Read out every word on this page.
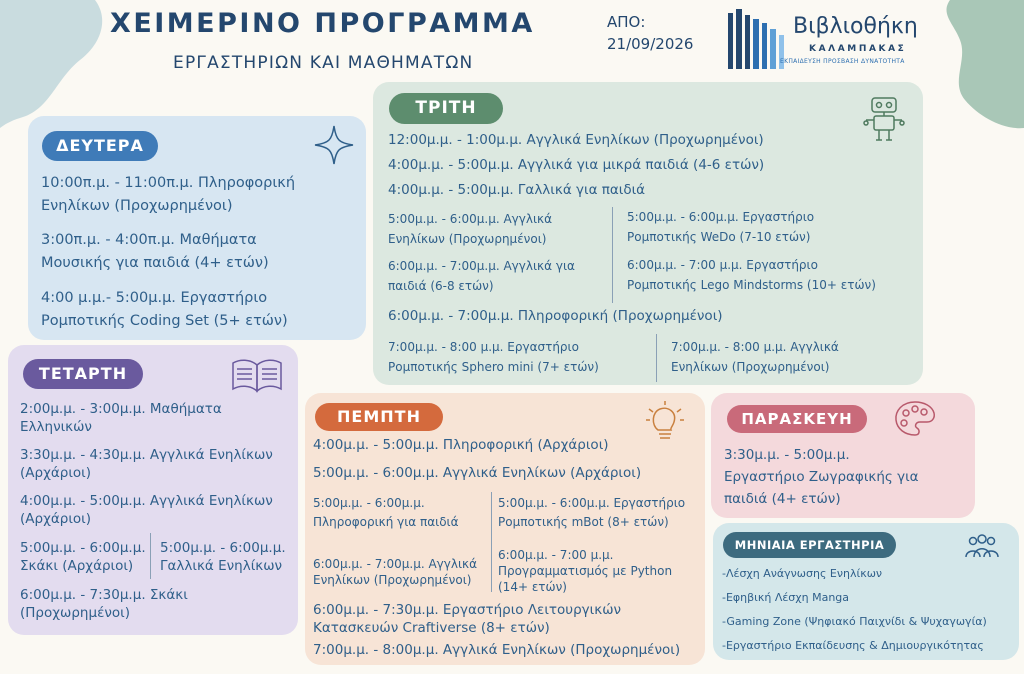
ΧΕΙΜΕΡΙΝΟ ΠΡΟΓΡΑΜΜΑ
ΕΡΓΑΣΤΗΡΙΩΝ ΚΑΙ ΜΑΘΗΜΑΤΩΝ
ΑΠΟ:
21/09/2026
Βιβλιοθήκη
ΚΑΛΑΜΠΑΚΑΣ
ΕΚΠΑΙΔΕΥΣΗ ΠΡΟΣΒΑΣΗ ΔΥΝΑΤΟΤΗΤΑ
ΔΕΥΤΕΡΑ
10:00π.μ. - 11:00π.μ. Πληροφορική
Ενηλίκων (Προχωρημένοι)
3:00π.μ. - 4:00π.μ. Μαθήματα
Μουσικής για παιδιά (4+ ετών)
4:00 μ.μ.- 5:00μ.μ. Εργαστήριο
Ρομποτικής Coding Set (5+ ετών)
ΤΡΙΤΗ
12:00μ.μ. - 1:00μ.μ. Αγγλικά Ενηλίκων (Προχωρημένοι)
4:00μ.μ. - 5:00μ.μ. Αγγλικά για μικρά παιδιά (4-6 ετών)
4:00μ.μ. - 5:00μ.μ. Γαλλικά για παιδιά
5:00μ.μ. - 6:00μ.μ. Αγγλικά
Ενηλίκων (Προχωρημένοι)
6:00μ.μ. - 7:00μ.μ. Αγγλικά για
παιδιά (6-8 ετών)
5:00μ.μ. - 6:00μ.μ. Εργαστήριο
Ρομποτικής WeDo (7-10 ετών)
6:00μ.μ. - 7:00 μ.μ. Εργαστήριο
Ρομποτικής Lego Mindstorms (10+ ετών)
6:00μ.μ. - 7:00μ.μ. Πληροφορική (Προχωρημένοι)
7:00μ.μ. - 8:00 μ.μ. Εργαστήριο
Ρομποτικής Sphero mini (7+ ετών)
7:00μ.μ. - 8:00 μ.μ. Αγγλικά
Ενηλίκων (Προχωρημένοι)
ΤΕΤΑΡΤΗ
2:00μ.μ. - 3:00μ.μ. Μαθήματα
Ελληνικών
3:30μ.μ. - 4:30μ.μ. Αγγλικά Ενηλίκων
(Αρχάριοι)
4:00μ.μ. - 5:00μ.μ. Αγγλικά Ενηλίκων
(Αρχάριοι)
5:00μ.μ. - 6:00μ.μ.
Σκάκι (Αρχάριοι)
5:00μ.μ. - 6:00μ.μ.
Γαλλικά Ενηλίκων
6:00μ.μ. - 7:30μ.μ. Σκάκι
(Προχωρημένοι)
ΠΕΜΠΤΗ
4:00μ.μ. - 5:00μ.μ. Πληροφορική (Αρχάριοι)
5:00μ.μ. - 6:00μ.μ. Αγγλικά Ενηλίκων (Αρχάριοι)
5:00μ.μ. - 6:00μ.μ.
Πληροφορική για παιδιά
6:00μ.μ. - 7:00μ.μ. Αγγλικά
Ενηλίκων (Προχωρημένοι)
5:00μ.μ. - 6:00μ.μ. Εργαστήριο
Ρομποτικής mBot (8+ ετών)
6:00μ.μ. - 7:00 μ.μ.
Προγραμματισμός με Python
(14+ ετών)
6:00μ.μ. - 7:30μ.μ. Εργαστήριο Λειτουργικών
Κατασκευών Craftiverse (8+ ετών)
7:00μ.μ. - 8:00μ.μ. Αγγλικά Ενηλίκων (Προχωρημένοι)
ΠΑΡΑΣΚΕΥΗ
3:30μ.μ. - 5:00μ.μ.
Εργαστήριο Ζωγραφικής για
παιδιά (4+ ετών)
ΜΗΝΙΑΙΑ ΕΡΓΑΣΤΗΡΙΑ
-Λέσχη Ανάγνωσης Ενηλίκων
-Εφηβική Λέσχη Manga
-Gaming Zone (Ψηφιακό Παιχνίδι & Ψυχαγωγία)
-Εργαστήριο Εκπαίδευσης & Δημιουργικότητας
